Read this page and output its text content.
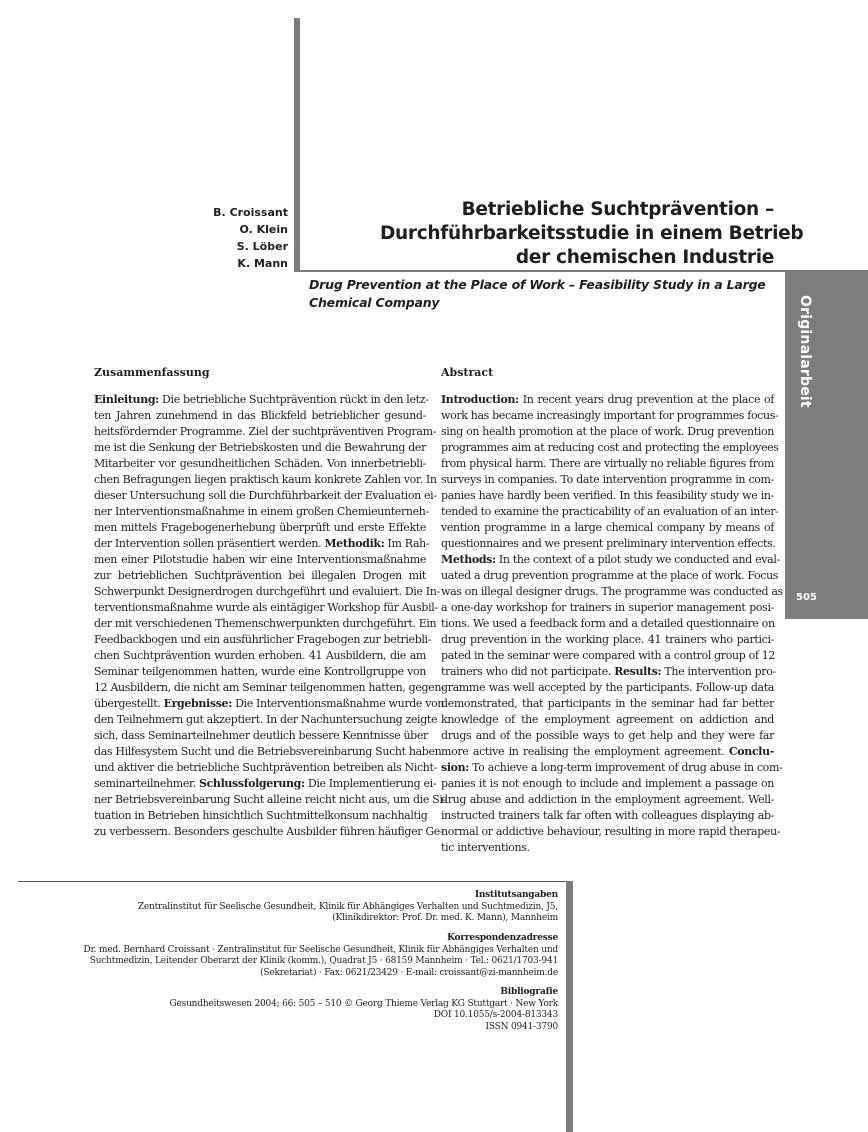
Originalarbeit
505
B. Croissant
O. Klein
S. Löber
K. Mann
Betriebliche Suchtprävention –
Durchführbarkeitsstudie in einem Betrieb
der chemischen Industrie
Drug Prevention at the Place of Work – Feasibility Study in a Large
Chemical Company
Zusammenfassung	Abstract
Einleitung: Die betriebliche Suchtprävention rückt in den letz-
ten Jahren zunehmend in das Blickfeld betrieblicher gesund-
heitsfördernder Programme. Ziel der suchtpräventiven Program-
me ist die Senkung der Betriebskosten und die Bewahrung der
Mitarbeiter vor gesundheitlichen Schäden. Von innerbetriebli-
chen Befragungen liegen praktisch kaum konkrete Zahlen vor. In
dieser Untersuchung soll die Durchführbarkeit der Evaluation ei-
ner Interventionsmaßnahme in einem großen Chemieunterneh-
men mittels Fragebogenerhebung überprüft und erste Effekte
der Intervention sollen präsentiert werden. Methodik: Im Rah-
men einer Pilotstudie haben wir eine Interventionsmaßnahme
zur betrieblichen Suchtprävention bei illegalen Drogen mit
Schwerpunkt Designerdrogen durchgeführt und evaluiert. Die In-
terventionsmaßnahme wurde als eintägiger Workshop für Ausbil-
der mit verschiedenen Themenschwerpunkten durchgeführt. Ein
Feedbackbogen und ein ausführlicher Fragebogen zur betriebli-
chen Suchtprävention wurden erhoben. 41 Ausbildern, die am
Seminar teilgenommen hatten, wurde eine Kontrollgruppe von
12 Ausbildern, die nicht am Seminar teilgenommen hatten, gegen-
übergestellt. Ergebnisse: Die Interventionsmaßnahme wurde von
den Teilnehmern gut akzeptiert. In der Nachuntersuchung zeigte
sich, dass Seminarteilnehmer deutlich bessere Kenntnisse über
das Hilfesystem Sucht und die Betriebsvereinbarung Sucht haben
und aktiver die betriebliche Suchtprävention betreiben als Nicht-
seminarteilnehmer. Schlussfolgerung: Die Implementierung ei-
ner Betriebsvereinbarung Sucht alleine reicht nicht aus, um die Si-
tuation in Betrieben hinsichtlich Suchtmittelkonsum nachhaltig
zu verbessern. Besonders geschulte Ausbilder führen häufiger Ge-
Introduction: In recent years drug prevention at the place of
work has became increasingly important for programmes focus-
sing on health promotion at the place of work. Drug prevention
programmes aim at reducing cost and protecting the employees
from physical harm. There are virtually no reliable figures from
surveys in companies. To date intervention programme in com-
panies have hardly been verified. In this feasibility study we in-
tended to examine the practicability of an evaluation of an inter-
vention programme in a large chemical company by means of
questionnaires and we present preliminary intervention effects.
Methods: In the context of a pilot study we conducted and eval-
uated a drug prevention programme at the place of work. Focus
was on illegal designer drugs. The programme was conducted as
a one-day workshop for trainers in superior management posi-
tions. We used a feedback form and a detailed questionnaire on
drug prevention in the working place. 41 trainers who partici-
pated in the seminar were compared with a control group of 12
trainers who did not participate. Results: The intervention pro-
gramme was well accepted by the participants. Follow-up data
demonstrated, that participants in the seminar had far better
knowledge of the employment agreement on addiction and
drugs and of the possible ways to get help and they were far
more active in realising the employment agreement. Conclu-
sion: To achieve a long-term improvement of drug abuse in com-
panies it is not enough to include and implement a passage on
drug abuse and addiction in the employment agreement. Well-
instructed trainers talk far often with colleagues displaying ab-
normal or addictive behaviour, resulting in more rapid therapeu-
tic interventions.
Institutsangaben
Zentralinstitut für Seelische Gesundheit, Klinik für Abhängiges Verhalten und Suchtmedizin, J5,
(Klinikdirektor: Prof. Dr. med. K. Mann), Mannheim
Korrespondenzadresse
Dr. med. Bernhard Croissant · Zentralinstitut für Seelische Gesundheit, Klinik für Abhängiges Verhalten und
Suchtmedizin, Leitender Oberarzt der Klinik (komm.), Quadrat J5 · 68159 Mannheim · Tel.: 0621/1703-941
(Sekretariat) · Fax: 0621/23429 · E-mail: croissant@zi-mannheim.de
Bibliografie
Gesundheitswesen 2004; 66: 505 – 510 © Georg Thieme Verlag KG Stuttgart · New York
DOI 10.1055/s-2004-813343
ISSN 0941-3790
